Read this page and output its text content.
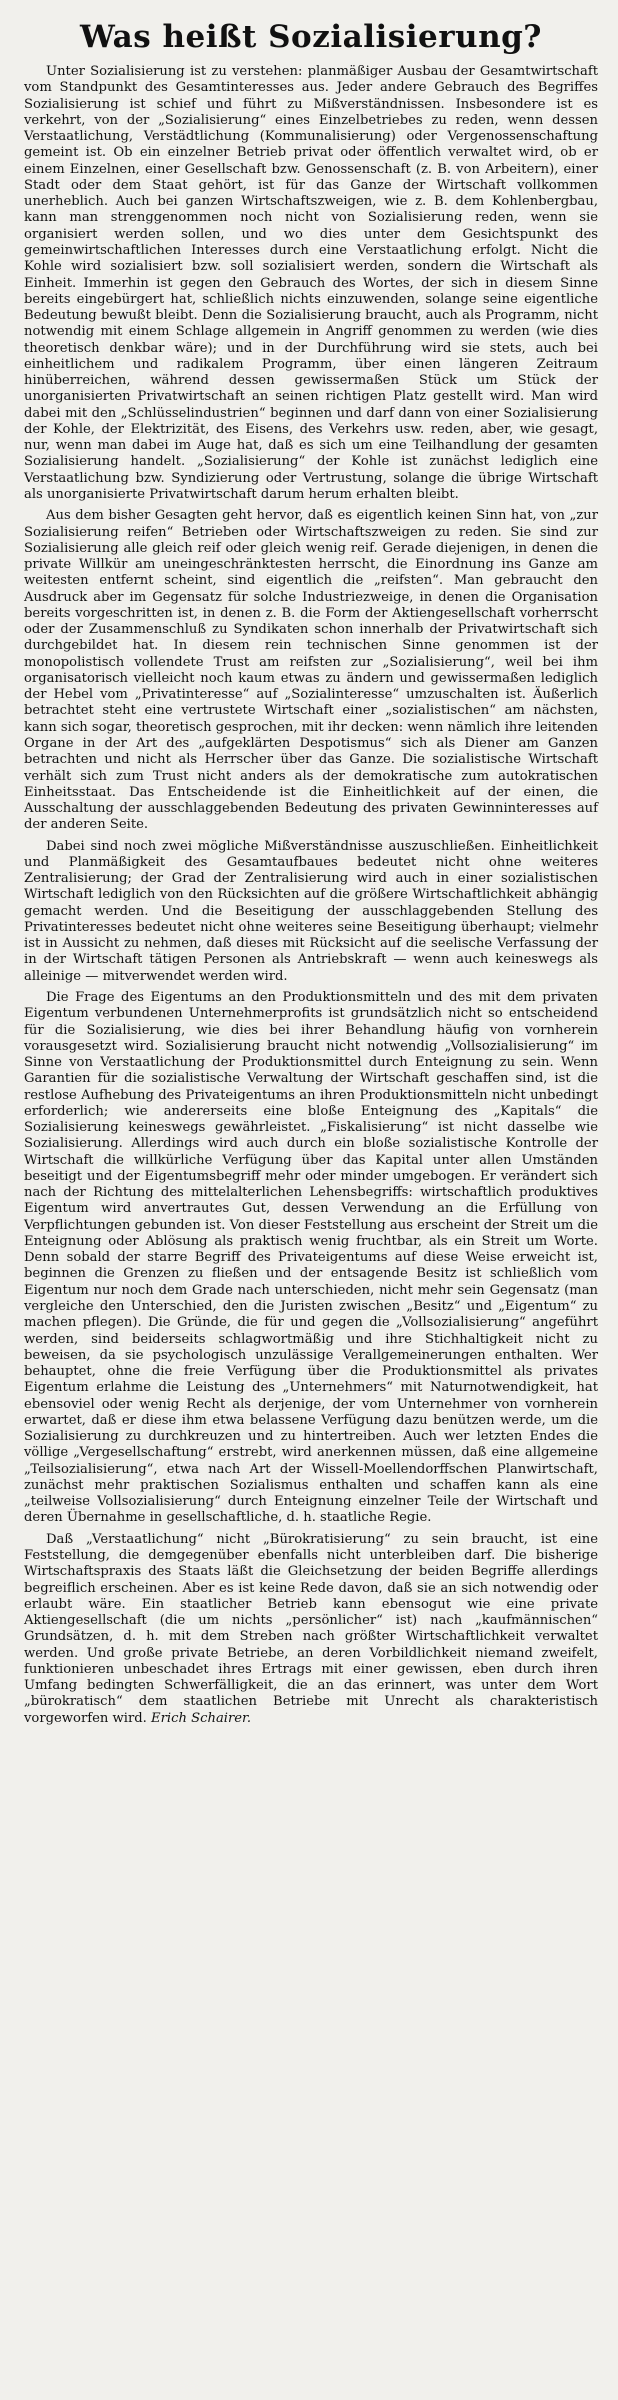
Was heißt Sozialisierung?

Unter Sozialisierung ist zu verstehen: planmäßiger Ausbau der Gesamtwirtschaft vom Standpunkt des Gesamtinteresses aus. Jeder andere Gebrauch des Begriffes Sozialisierung ist schief und führt zu Mißverständnissen. Insbesondere ist es verkehrt, von der „Sozialisierung“ eines Einzelbetriebes zu reden, wenn dessen Verstaatlichung, Verstädtlichung (Kommunalisierung) oder Vergenossenschaftung gemeint ist. Ob ein einzelner Betrieb privat oder öffentlich verwaltet wird, ob er einem Einzelnen, einer Gesellschaft bzw. Genossenschaft (z. B. von Arbeitern), einer Stadt oder dem Staat gehört, ist für das Ganze der Wirtschaft vollkommen unerheblich. Auch bei ganzen Wirtschaftszweigen, wie z. B. dem Kohlenbergbau, kann man strenggenommen noch nicht von Sozialisierung reden, wenn sie organisiert werden sollen, und wo dies unter dem Gesichtspunkt des gemeinwirtschaftlichen Interesses durch eine Verstaatlichung erfolgt. Nicht die Kohle wird sozialisiert bzw. soll sozialisiert werden, sondern die Wirtschaft als Einheit. Immerhin ist gegen den Gebrauch des Wortes, der sich in diesem Sinne bereits eingebürgert hat, schließlich nichts einzuwenden, solange seine eigentliche Bedeutung bewußt bleibt. Denn die Sozialisierung braucht, auch als Programm, nicht notwendig mit einem Schlage allgemein in Angriff genommen zu werden (wie dies theoretisch denkbar wäre); und in der Durchführung wird sie stets, auch bei einheitlichem und radikalem Programm, über einen längeren Zeitraum hinüberreichen, während dessen gewissermaßen Stück um Stück der unorganisierten Privatwirtschaft an seinen richtigen Platz gestellt wird. Man wird dabei mit den „Schlüsselindustrien“ beginnen und darf dann von einer Sozialisierung der Kohle, der Elektrizität, des Eisens, des Verkehrs usw. reden, aber, wie gesagt, nur, wenn man dabei im Auge hat, daß es sich um eine Teilhandlung der gesamten Sozialisierung handelt. „Sozialisierung“ der Kohle ist zunächst lediglich eine Verstaatlichung bzw. Syndizierung oder Vertrustung, solange die übrige Wirtschaft als unorganisierte Privatwirtschaft darum herum erhalten bleibt.

Aus dem bisher Gesagten geht hervor, daß es eigentlich keinen Sinn hat, von „zur Sozialisierung reifen“ Betrieben oder Wirtschaftszweigen zu reden. Sie sind zur Sozialisierung alle gleich reif oder gleich wenig reif. Gerade diejenigen, in denen die private Willkür am uneingeschränktesten herrscht, die Einordnung ins Ganze am weitesten entfernt scheint, sind eigentlich die „reifsten“. Man gebraucht den Ausdruck aber im Gegensatz für solche Industriezweige, in denen die Organisation bereits vorgeschritten ist, in denen z. B. die Form der Aktiengesellschaft vorherrscht oder der Zusammenschluß zu Syndikaten schon innerhalb der Privatwirtschaft sich durchgebildet hat. In diesem rein technischen Sinne genommen ist der monopolistisch vollendete Trust am reifsten zur „Sozialisierung“, weil bei ihm organisatorisch vielleicht noch kaum etwas zu ändern und gewissermaßen lediglich der Hebel vom „Privatinteresse“ auf „Sozialinteresse“ umzuschalten ist. Äußerlich betrachtet steht eine vertrustete Wirtschaft einer „sozialistischen“ am nächsten, kann sich sogar, theoretisch gesprochen, mit ihr decken: wenn nämlich ihre leitenden Organe in der Art des „aufgeklärten Despotismus“ sich als Diener am Ganzen betrachten und nicht als Herrscher über das Ganze. Die sozialistische Wirtschaft verhält sich zum Trust nicht anders als der demokratische zum autokratischen Einheitsstaat. Das Entscheidende ist die Einheitlichkeit auf der einen, die Ausschaltung der ausschlaggebenden Bedeutung des privaten Gewinninteresses auf der anderen Seite.

Dabei sind noch zwei mögliche Mißverständnisse auszuschließen. Einheitlichkeit und Planmäßigkeit des Gesamtaufbaues bedeutet nicht ohne weiteres Zentralisierung; der Grad der Zentralisierung wird auch in einer sozialistischen Wirtschaft lediglich von den Rücksichten auf die größere Wirtschaftlichkeit abhängig gemacht werden. Und die Beseitigung der ausschlaggebenden Stellung des Privatinteresses bedeutet nicht ohne weiteres seine Beseitigung überhaupt; vielmehr ist in Aussicht zu nehmen, daß dieses mit Rücksicht auf die seelische Verfassung der in der Wirtschaft tätigen Personen als Antriebskraft — wenn auch keineswegs als alleinige — mitverwendet werden wird.

Die Frage des Eigentums an den Produktionsmitteln und des mit dem privaten Eigentum verbundenen Unternehmerprofits ist grundsätzlich nicht so entscheidend für die Sozialisierung, wie dies bei ihrer Behandlung häufig von vornherein vorausgesetzt wird. Sozialisierung braucht nicht notwendig „Vollsozialisierung“ im Sinne von Verstaatlichung der Produktionsmittel durch Enteignung zu sein. Wenn Garantien für die sozialistische Verwaltung der Wirtschaft geschaffen sind, ist die restlose Aufhebung des Privateigentums an ihren Produktionsmitteln nicht unbedingt erforderlich; wie andererseits eine bloße Enteignung des „Kapitals“ die Sozialisierung keineswegs gewährleistet. „Fiskalisierung“ ist nicht dasselbe wie Sozialisierung. Allerdings wird auch durch ein bloße sozialistische Kontrolle der Wirtschaft die willkürliche Verfügung über das Kapital unter allen Umständen beseitigt und der Eigentumsbegriff mehr oder minder umgebogen. Er verändert sich nach der Richtung des mittelalterlichen Lehensbegriffs: wirtschaftlich produktives Eigentum wird anvertrautes Gut, dessen Verwendung an die Erfüllung von Verpflichtungen gebunden ist. Von dieser Feststellung aus erscheint der Streit um die Enteignung oder Ablösung als praktisch wenig fruchtbar, als ein Streit um Worte. Denn sobald der starre Begriff des Privateigentums auf diese Weise erweicht ist, beginnen die Grenzen zu fließen und der entsagende Besitz ist schließlich vom Eigentum nur noch dem Grade nach unterschieden, nicht mehr sein Gegensatz (man vergleiche den Unterschied, den die Juristen zwischen „Besitz“ und „Eigentum“ zu machen pflegen). Die Gründe, die für und gegen die „Vollsozialisierung“ angeführt werden, sind beiderseits schlagwortmäßig und ihre Stichhaltigkeit nicht zu beweisen, da sie psychologisch unzulässige Verallgemeinerungen enthalten. Wer behauptet, ohne die freie Verfügung über die Produktionsmittel als privates Eigentum erlahme die Leistung des „Unternehmers“ mit Naturnotwendigkeit, hat ebensoviel oder wenig Recht als derjenige, der vom Unternehmer von vornherein erwartet, daß er diese ihm etwa belassene Verfügung dazu benützen werde, um die Sozialisierung zu durchkreuzen und zu hintertreiben. Auch wer letzten Endes die völlige „Vergesellschaftung“ erstrebt, wird anerkennen müssen, daß eine allgemeine „Teilsozialisierung“, etwa nach Art der Wissell-Moellendorffschen Planwirtschaft, zunächst mehr praktischen Sozialismus enthalten und schaffen kann als eine „teilweise Vollsozialisierung“ durch Enteignung einzelner Teile der Wirtschaft und deren Übernahme in gesellschaftliche, d. h. staatliche Regie.

Daß „Verstaatlichung“ nicht „Bürokratisierung“ zu sein braucht, ist eine Feststellung, die demgegenüber ebenfalls nicht unterbleiben darf. Die bisherige Wirtschaftspraxis des Staats läßt die Gleichsetzung der beiden Begriffe allerdings begreiflich erscheinen. Aber es ist keine Rede davon, daß sie an sich notwendig oder erlaubt wäre. Ein staatlicher Betrieb kann ebensogut wie eine private Aktiengesellschaft (die um nichts „persönlicher“ ist) nach „kaufmännischen“ Grundsätzen, d. h. mit dem Streben nach größter Wirtschaftlichkeit verwaltet werden. Und große private Betriebe, an deren Vorbildlichkeit niemand zweifelt, funktionieren unbeschadet ihres Ertrags mit einer gewissen, eben durch ihren Umfang bedingten Schwerfälligkeit, die an das erinnert, was unter dem Wort „bürokratisch“ dem staatlichen Betriebe mit Unrecht als charakteristisch vorgeworfen wird. Erich Schairer.
